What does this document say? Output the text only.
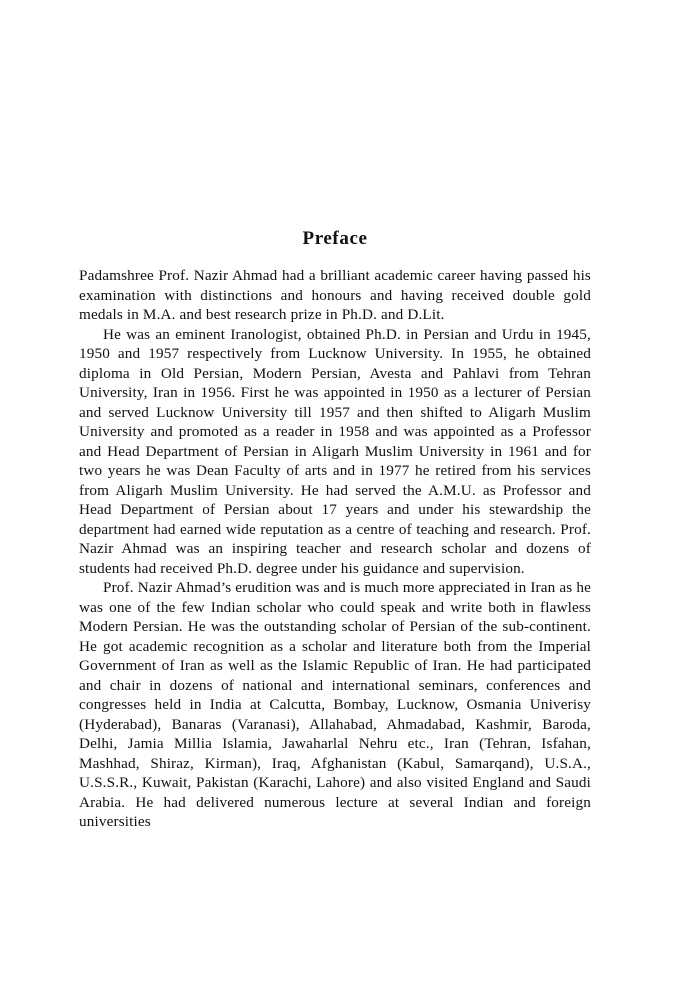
Preface

Padamshree Prof. Nazir Ahmad had a brilliant academic career having passed his examination with distinctions and honours and having received double gold medals in M.A. and best research prize in Ph.D. and D.Lit.

He was an eminent Iranologist, obtained Ph.D. in Persian and Urdu in 1945, 1950 and 1957 respectively from Lucknow University. In 1955, he obtained diploma in Old Persian, Modern Persian, Avesta and Pahlavi from Tehran University, Iran in 1956. First he was appointed in 1950 as a lecturer of Persian and served Lucknow University till 1957 and then shifted to Aligarh Muslim University and promoted as a reader in 1958 and was appointed as a Professor and Head Department of Persian in Aligarh Muslim University in 1961 and for two years he was Dean Faculty of arts and in 1977 he retired from his services from Aligarh Muslim University. He had served the A.M.U. as Professor and Head Department of Persian about 17 years and under his stewardship the department had earned wide reputation as a centre of teaching and research. Prof. Nazir Ahmad was an inspiring teacher and research scholar and dozens of students had received Ph.D. degree under his guidance and supervision.

Prof. Nazir Ahmad’s erudition was and is much more appreciated in Iran as he was one of the few Indian scholar who could speak and write both in flawless Modern Persian. He was the outstanding scholar of Persian of the sub-continent. He got academic recognition as a scholar and literature both from the Imperial Government of Iran as well as the Islamic Republic of Iran. He had participated and chair in dozens of national and international seminars, conferences and congresses held in India at Calcutta, Bombay, Lucknow, Osmania Univerisy (Hyderabad), Banaras (Varanasi), Allahabad, Ahmadabad, Kashmir, Baroda, Delhi, Jamia Millia Islamia, Jawaharlal Nehru etc., Iran (Tehran, Isfahan, Mashhad, Shiraz, Kirman), Iraq, Afghanistan (Kabul, Samarqand), U.S.A., U.S.S.R., Kuwait, Pakistan (Karachi, Lahore) and also visited England and Saudi Arabia. He had delivered numerous lecture at several Indian and foreign universities
